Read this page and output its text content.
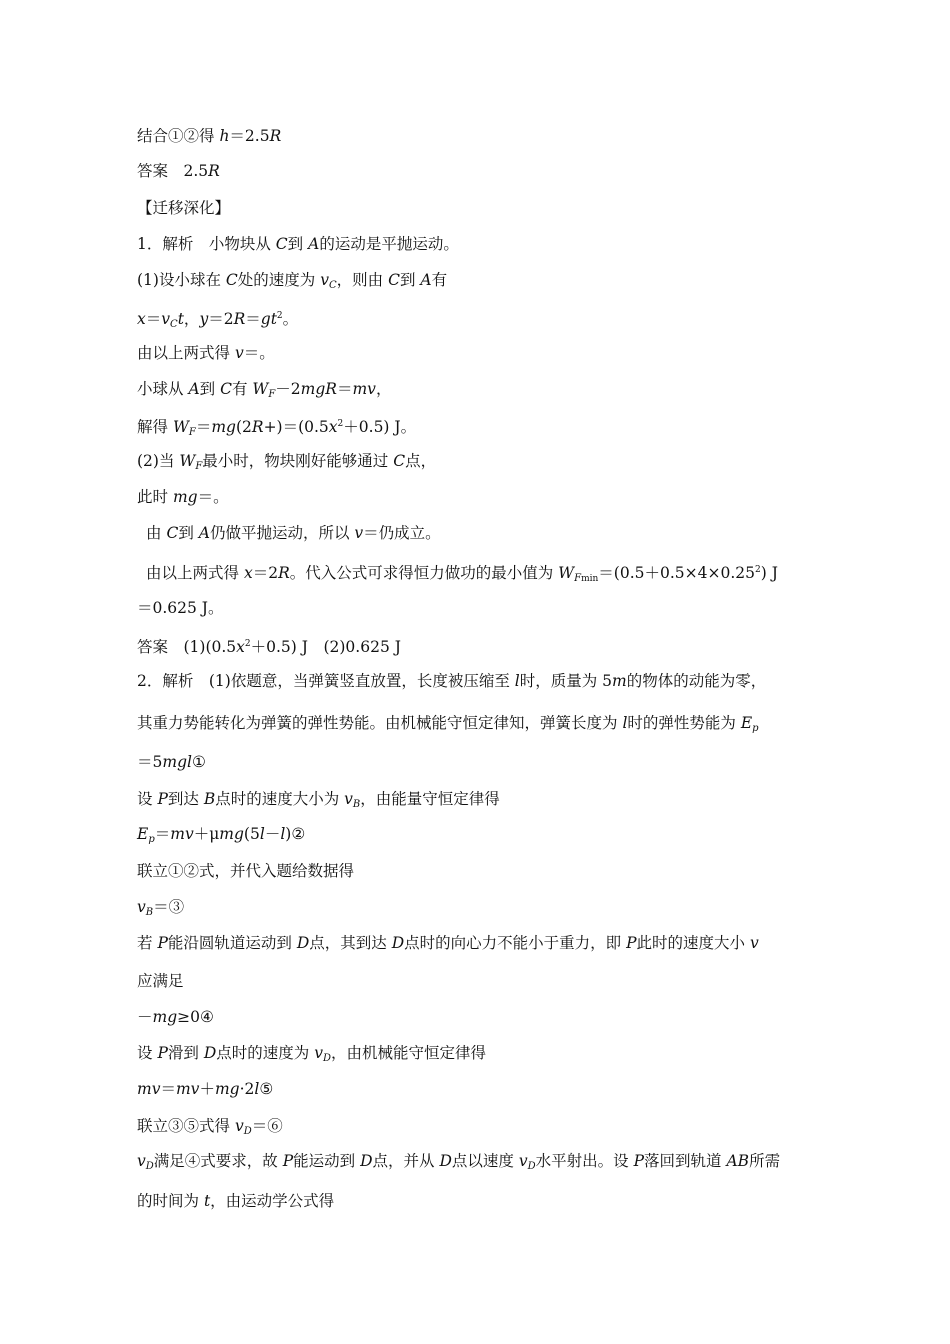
结合①②得 h＝2.5R
答案　2.5R
【迁移深化】
1．解析　小物块从 C到 A的运动是平抛运动。
(1)设小球在 C处的速度为 $v_C$，则由 C到 A有
$x=v_Ct$，$y=2R=gt^2$。
由以上两式得 v＝。
小球从 A到 C有 $W_F-2mgR=mv$，
解得 $W_F=mg(2R+)=(0.5x^2+0.5)$ J。
(2)当 $W_F$最小时，物块刚好能够通过 C点，
此时 mg＝。
由 C到 A仍做平抛运动，所以 v＝仍成立。
由以上两式得 x＝2R。代入公式可求得恒力做功的最小值为 $W_F\min=(0.5+0.5\times 4\times 0.25^2)$ J
＝0.625 J。
答案　$(1)(0.5x^2+0.5)$ J　(2)0.625 J
2．解析　(1)依题意，当弹簧竖直放置，长度被压缩至 l时，质量为 5m的物体的动能为零，
其重力势能转化为弹簧的弹性势能。由机械能守恒定律知，弹簧长度为 l时的弹性势能为 $E_p$
＝5mgl①
设 P到达 B点时的速度大小为 $v_B$，由能量守恒定律得
$E_p=mv+\mu mg(5l-l)②$
联立①②式，并代入题给数据得
$v_B=③$
若 P能沿圆轨道运动到 D点，其到达 D点时的向心力不能小于重力，即 P此时的速度大小 v
应满足
－mg≥0④
设 P滑到 D点时的速度为 $v_D$，由机械能守恒定律得
mv＝mv＋mg·2l⑤
联立③⑤式得 $v_D=⑥$
$v_D$满足④式要求，故 P能运动到 D点，并从 D点以速度 $v_D$水平射出。设 P落回到轨道 AB所需
的时间为 t，由运动学公式得
